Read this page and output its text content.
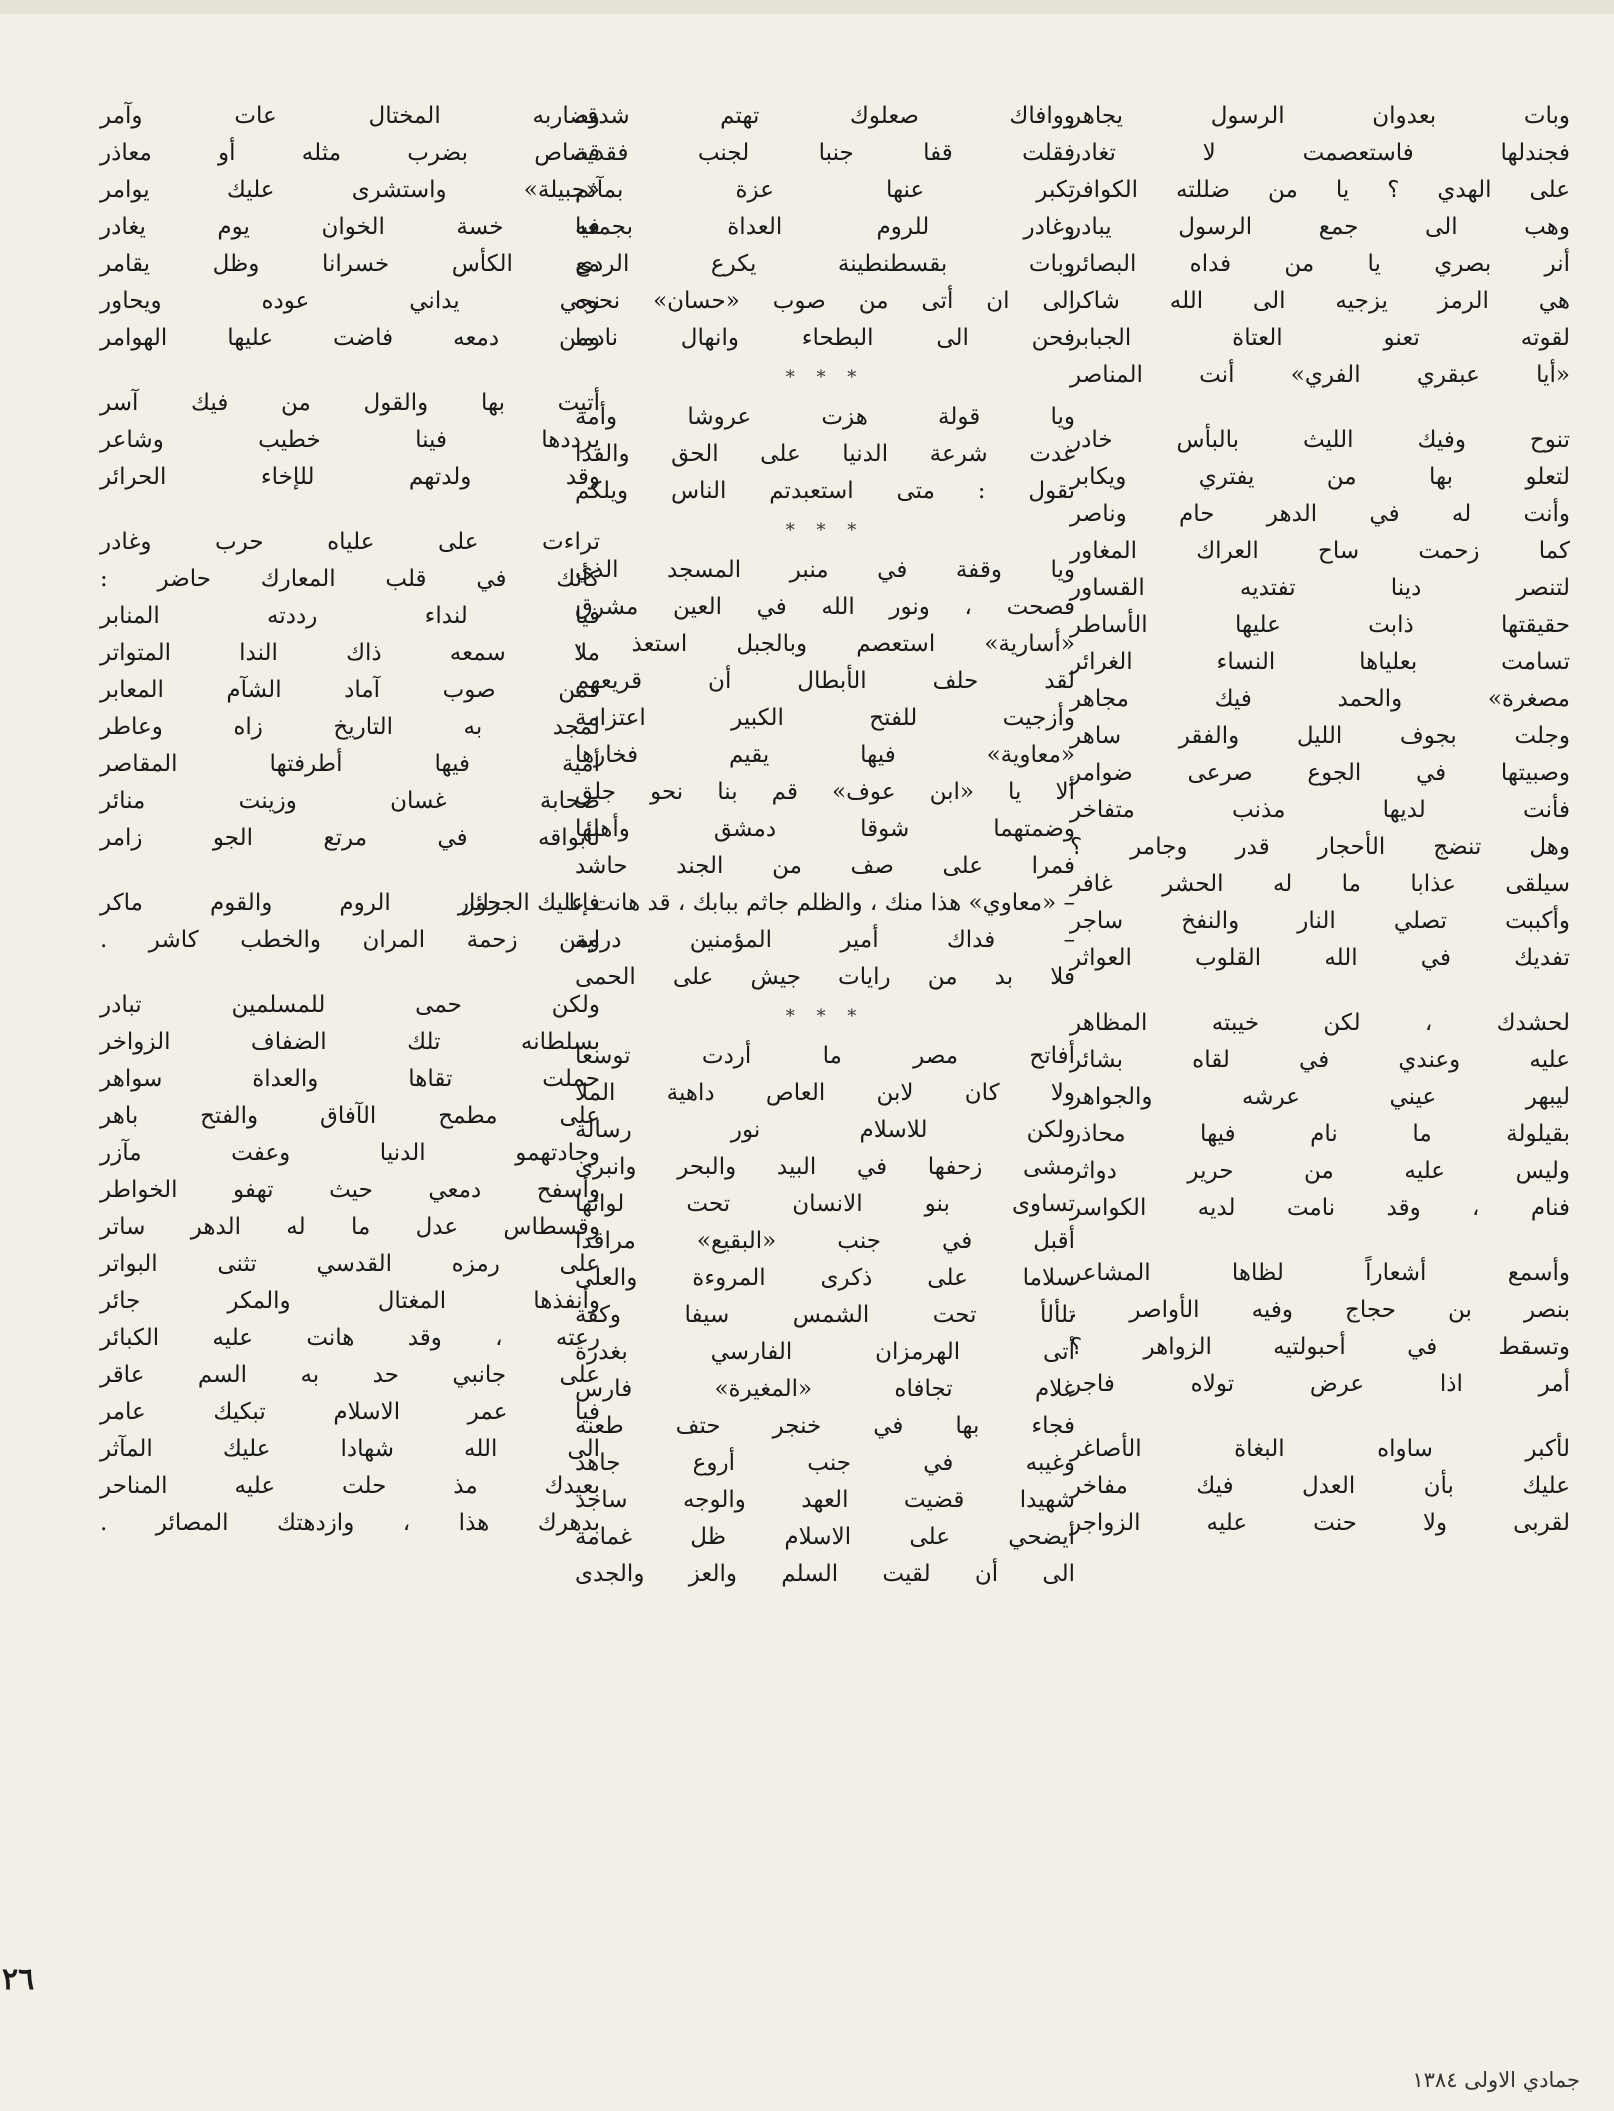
وبات بعدوان الرسول يجاهر
فجندلها فاستعصمت لا تغادر
على الهدي ؟ يا من ضللته الكوافر
وهب الى جمع الرسول يبادر
أنر بصري يا من فداه البصائر
هي الرمز يزجيه الى الله شاكر
لقوته تعنو العتاة الجبابر
«أيا عبقري الفري» أنت المناصر
تنوح وفيك الليث بالبأس خادر
لتعلو بها من يفتري ويكابر
وأنت له في الدهر حام وناصر
كما زحمت ساح العراك المغاور
لتنصر دينا تفتديه القساور
حقيقتها ذابت عليها الأساطر
تسامت بعلياها النساء الغرائر
مصغرة» والحمد فيك مجاهر
وجلت بجوف الليل والفقر ساهر
وصبيتها في الجوع صرعى ضوامر
فأنت لديها مذنب متفاخر
وهل تنضج الأحجار قدر وجامر ؟
سيلقى عذابا ما له الحشر غافر
وأكببت تصلي النار والنفخ ساجر
تفديك في الله القلوب العواثر
لحشدك ، لكن خيبته المظاهر
عليه وعندي في لقاه بشائر
ليبهر عيني عرشه والجواهر
بقيلولة ما نام فيها محاذر
وليس عليه من حرير دواثر
فنام ، وقد نامت لديه الكواسر
وأسمع أشعاراً لظاها المشاعر
بنصر بن حجاج وفيه الأواصر .
وتسقط في أحبولتيه الزواهر ؟
أمر اذا عرض تولاه فاجر
لأكبر ساواه البغاة الأصاغر
عليك بأن العدل فيك مفاخر
لقربى ولا حنت عليه الزواجر
ووافاك صعلوك تهتم شدقه
فقلت قفا جنبا لجنب فقدية
تكبر عنها عزة بمآثم
وغادر للروم العداة بجمعه
وبات بقسطنطينة يكرع الردى
الى ان أتى من صوب «حسان» نحوه
فحن الى البطحاء وانهال نادما
* * *
ويا قولة هزت عروشا وأمة
غدت شرعة الدنيا على الحق والفدا
تقول : متى استعبدتم الناس ويلكم
* * *
ويا وقفة في منبر المسجد الذي
فصحت ، ونور الله في العين مشرق
«أسارية» استعصم وبالجبل استعذ ،
لقد حلف الأبطال أن قريعهم
وأزجيت للفتح الكبير اعتزامة
«معاوية» فيها يقيم فخارها
ألا يا «ابن عوف» قم بنا نحو جلق
وضمتهما شوقا دمشق وأهلها
فمرا على صف من الجند حاشد
– «معاوي» هذا منك ، والظلم جاثم ببابك ، قد هانت عليك الجرائر
– فداك أمير المؤمنين دراية
فلا بد من رايات جيش على الحمى
* * *
أفاتح مصر ما أردت توسعا
ولا كان لابن العاص داهية الملا
ولكن للاسلام نور رسالة
مشى زحفها في البيد والبحر وانبرى
تساوى بنو الانسان تحت لوائها
أقبل في جنب «البقيع» مراقدا
سلاما على ذكرى المروءة والعلى
تلألأ تحت الشمس سيفا وكفة
أتى الهرمزان الفارسي بغدرة
غلام تجافاه «المغيرة» فارس
فجاء بها في خنجر حتف طعنه
وغيبه في جنب أروع جاهد
شهيدا قضيت العهد والوجه ساجد
أيضحي على الاسلام ظل غمامة
الى أن لقيت السلم والعز والجدى
وضاربه المختال عات وآمر
قصاص بضرب مثله أو معاذر
«جبيلة» واستشرى عليك يوامر
فيا خسة الخوان يوم يغادر
مع الكأس خسرانا وظل يقامر
نجي يداني عوده ويحاور
ومن دمعه فاضت عليها الهوامر
أتيت بها والقول من فيك آسر
يرددها فينا خطيب وشاعر
وقد ولدتهم للإخاء الحرائر
تراءت على علياه حرب وغادر
كأنك في قلب المعارك حاضر :
فيا لنداء رددته المنابر
ملا سمعه ذاك الندا المتواتر
فمن صوب آماد الشآم المعابر
لمجد به التاريخ زاه وعاطر
أمية فيها أطرفتها المقاصر
صحابة غسان وزينت منائر
لأبواقه في مرتع الجو زامر
فإنا جوار الروم والقوم ماكر
ومن زحمة المران والخطب كاشر .
ولكن حمى للمسلمين تبادر
بسلطانه تلك الضفاف الزواخر
حملت تقاها والعداة سواهر
على مطمح الآفاق والفتح باهر
وجادتهمو الدنيا وعفت مآزر
وأسفح دمعي حيث تهفو الخواطر
وقسطاس عدل ما له الدهر ساتر
على رمزه القدسي تثنى البواتر
وأنفذها المغتال والمكر جائر
رعته ، وقد هانت عليه الكبائر
على جانبي حد به السم عاقر
فيا عمر الاسلام تبكيك عامر
الى الله شهادا عليك المآثر
بعيدك مذ حلت عليه المناحر
بدهرك هذا ، وازدهتك المصائر .
٢٦
جمادي الاولى ١٣٨٤
